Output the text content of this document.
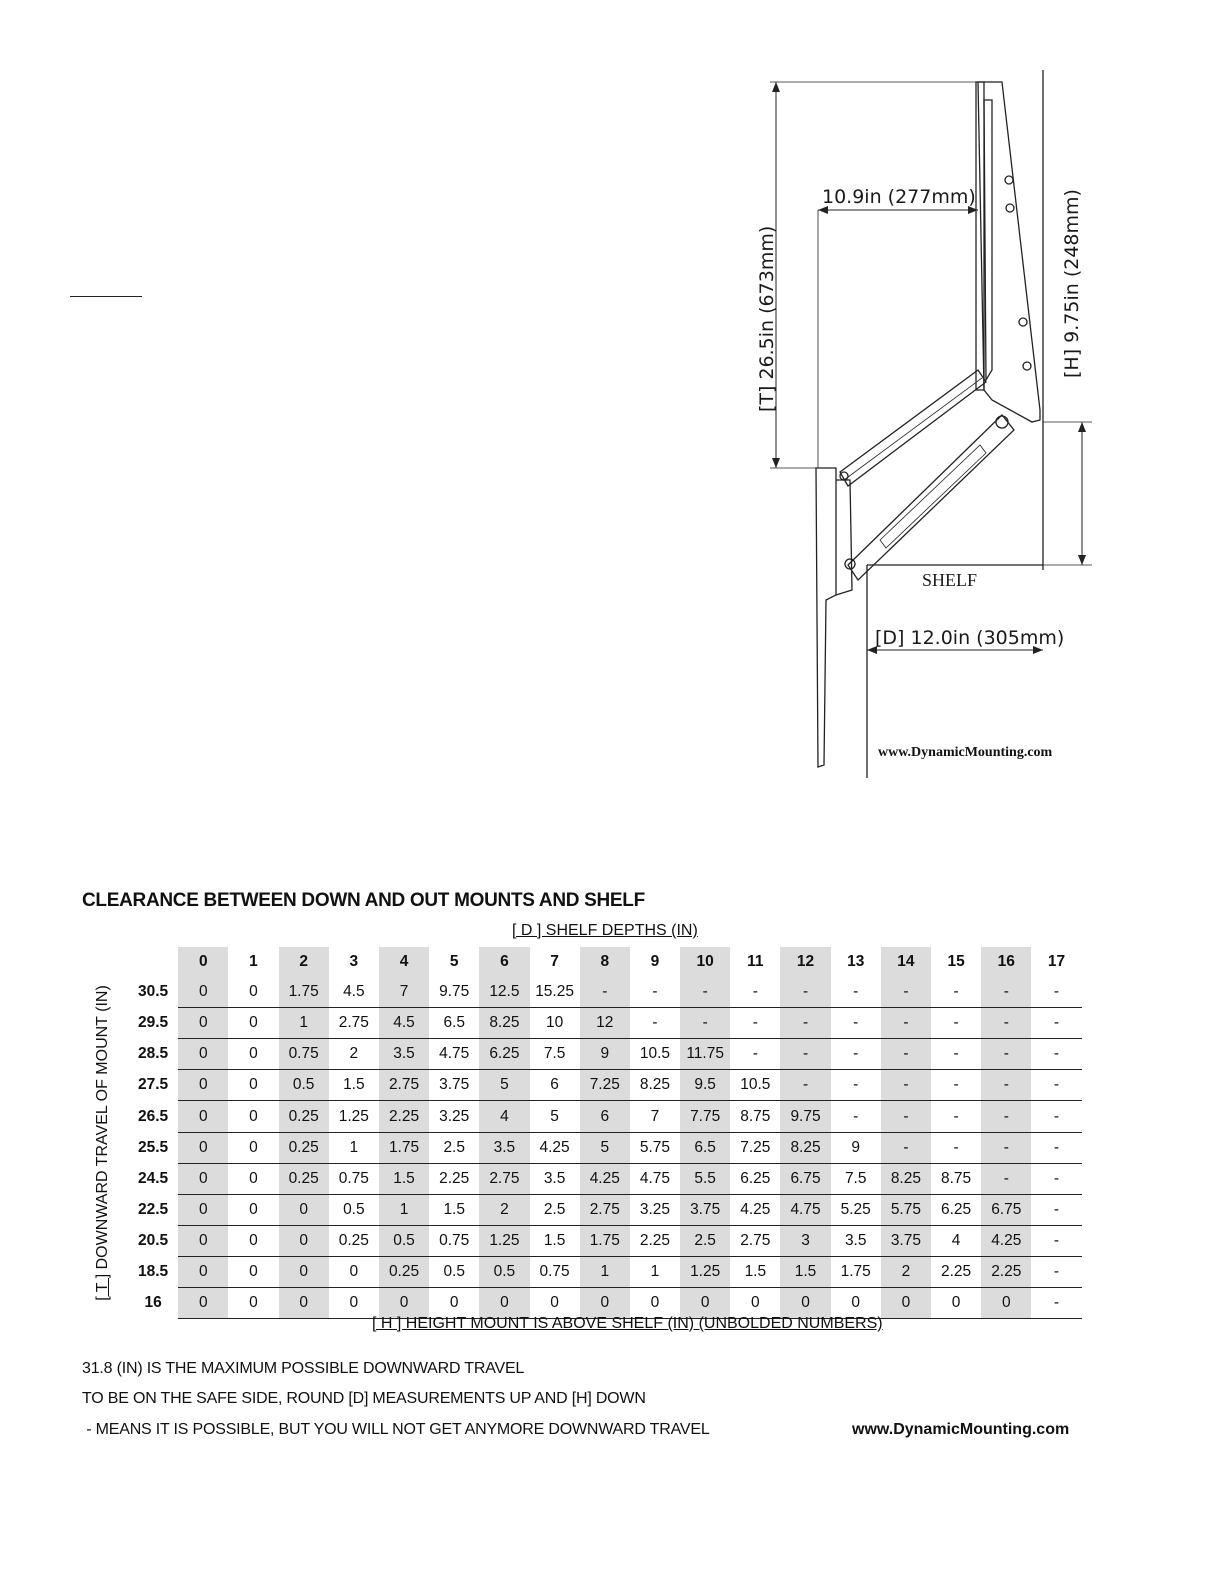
10.9in (277mm)
[T] 26.5in (673mm)	[H] 9.75in (248mm)
SHELF
[D] 12.0in (305mm)
www.DynamicMounting.com
CLEARANCE BETWEEN DOWN AND OUT MOUNTS AND SHELF
[ D ] SHELF DEPTHS (IN)
[ T ] DOWNWARD TRAVEL OF MOUNT (IN)
	0	1	2	3	4	5	6	7	8	9	10	11	12	13	14	15	16	17
30.5	0	0	1.75	4.5	7	9.75	12.5	15.25	-	-	-	-	-	-	-	-	-	-
29.5	0	0	1	2.75	4.5	6.5	8.25	10	12	-	-	-	-	-	-	-	-	-
28.5	0	0	0.75	2	3.5	4.75	6.25	7.5	9	10.5	11.75	-	-	-	-	-	-	-
27.5	0	0	0.5	1.5	2.75	3.75	5	6	7.25	8.25	9.5	10.5	-	-	-	-	-	-
26.5	0	0	0.25	1.25	2.25	3.25	4	5	6	7	7.75	8.75	9.75	-	-	-	-	-
25.5	0	0	0.25	1	1.75	2.5	3.5	4.25	5	5.75	6.5	7.25	8.25	9	-	-	-	-
24.5	0	0	0.25	0.75	1.5	2.25	2.75	3.5	4.25	4.75	5.5	6.25	6.75	7.5	8.25	8.75	-	-
22.5	0	0	0	0.5	1	1.5	2	2.5	2.75	3.25	3.75	4.25	4.75	5.25	5.75	6.25	6.75	-
20.5	0	0	0	0.25	0.5	0.75	1.25	1.5	1.75	2.25	2.5	2.75	3	3.5	3.75	4	4.25	-
18.5	0	0	0	0	0.25	0.5	0.5	0.75	1	1	1.25	1.5	1.5	1.75	2	2.25	2.25	-
16	0	0	0	0	0	0	0	0	0	0	0	0	0	0	0	0	0	-
[ H ] HEIGHT MOUNT IS ABOVE SHELF (IN) (UNBOLDED NUMBERS)
31.8 (IN) IS THE MAXIMUM POSSIBLE DOWNWARD TRAVEL
TO BE ON THE SAFE SIDE, ROUND [D] MEASUREMENTS UP AND [H] DOWN
- MEANS IT IS POSSIBLE, BUT YOU WILL NOT GET ANYMORE DOWNWARD TRAVEL	www.DynamicMounting.com
